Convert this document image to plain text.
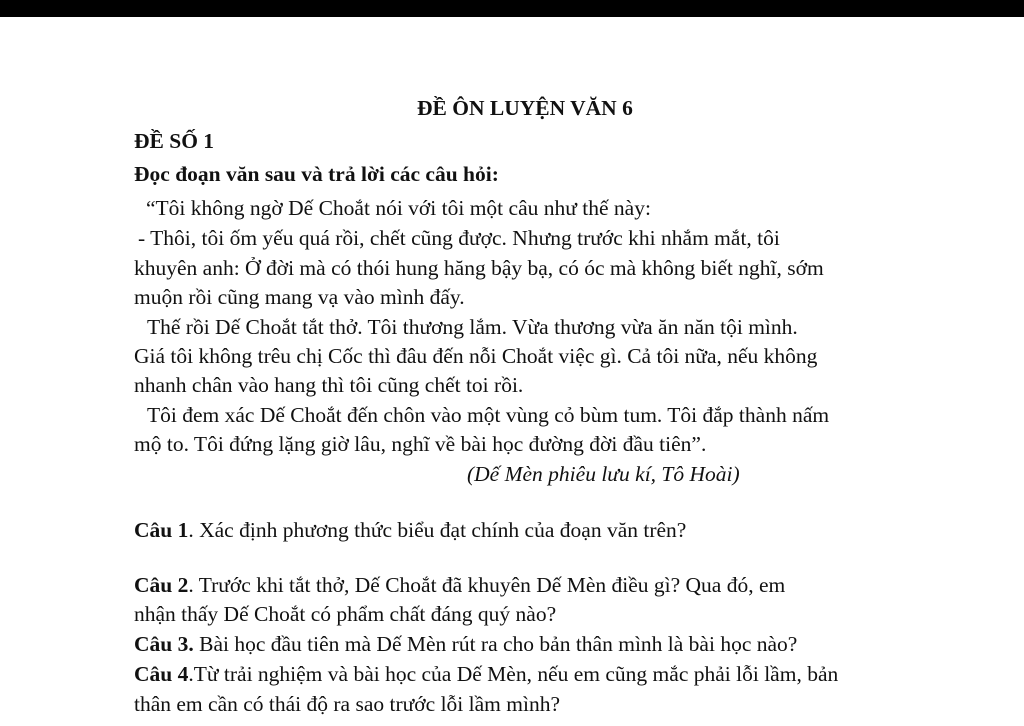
ĐỀ ÔN LUYỆN VĂN 6
ĐỀ SỐ 1
Đọc đoạn văn sau và trả lời các câu hỏi:
“Tôi không ngờ Dế Choắt nói với tôi một câu như thế này:
- Thôi, tôi ốm yếu quá rồi, chết cũng được. Nhưng trước khi nhắm mắt, tôi
khuyên anh: Ở đời mà có thói hung hăng bậy bạ, có óc mà không biết nghĩ, sớm
muộn rồi cũng mang vạ vào mình đấy.
Thế rồi Dế Choắt tắt thở. Tôi thương lắm. Vừa thương vừa ăn năn tội mình.
Giá tôi không trêu chị Cốc thì đâu đến nỗi Choắt việc gì. Cả tôi nữa, nếu không
nhanh chân vào hang thì tôi cũng chết toi rồi.
Tôi đem xác Dế Choắt đến chôn vào một vùng cỏ bùm tum. Tôi đắp thành nấm
mộ to. Tôi đứng lặng giờ lâu, nghĩ về bài học đường đời đầu tiên”.
(Dế Mèn phiêu lưu kí, Tô Hoài)
Câu 1. Xác định phương thức biểu đạt chính của đoạn văn trên?
Câu 2. Trước khi tắt thở, Dế Choắt đã khuyên Dế Mèn điều gì? Qua đó, em
nhận thấy Dế Choắt có phẩm chất đáng quý nào?
Câu 3. Bài học đầu tiên mà Dế Mèn rút ra cho bản thân mình là bài học nào?
Câu 4.Từ trải nghiệm và bài học của Dế Mèn, nếu em cũng mắc phải lỗi lầm, bản
thân em cần có thái độ ra sao trước lỗi lầm mình?
